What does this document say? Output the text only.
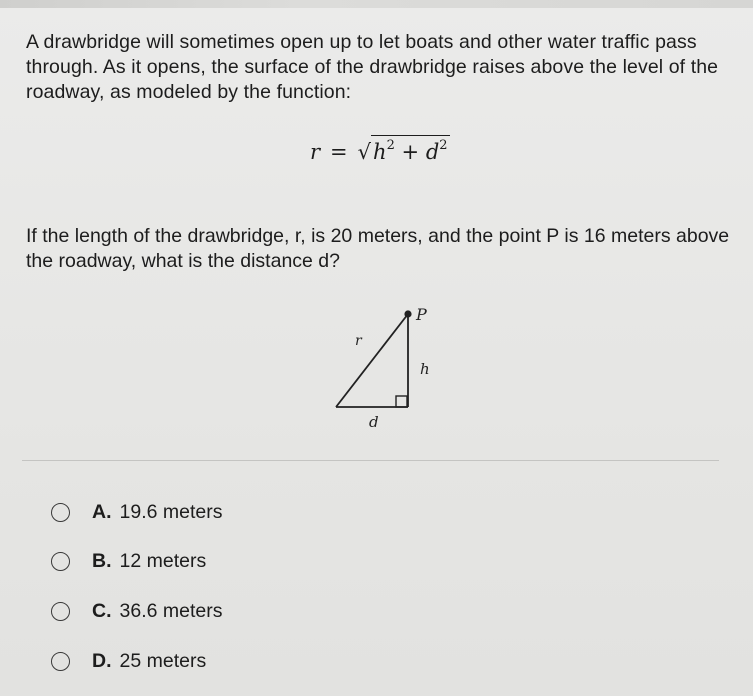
A drawbridge will sometimes open up to let boats and other water traffic pass through. As it opens, the surface of the drawbridge raises above the level of the roadway, as modeled by the function:
$r = √h^2 + d^2$
If the length of the drawbridge, r, is 20 meters, and the point P is 16 meters above the roadway, what is the distance d?
P
r
h
d
A. 19.6 meters
B. 12 meters
C. 36.6 meters
D. 25 meters
